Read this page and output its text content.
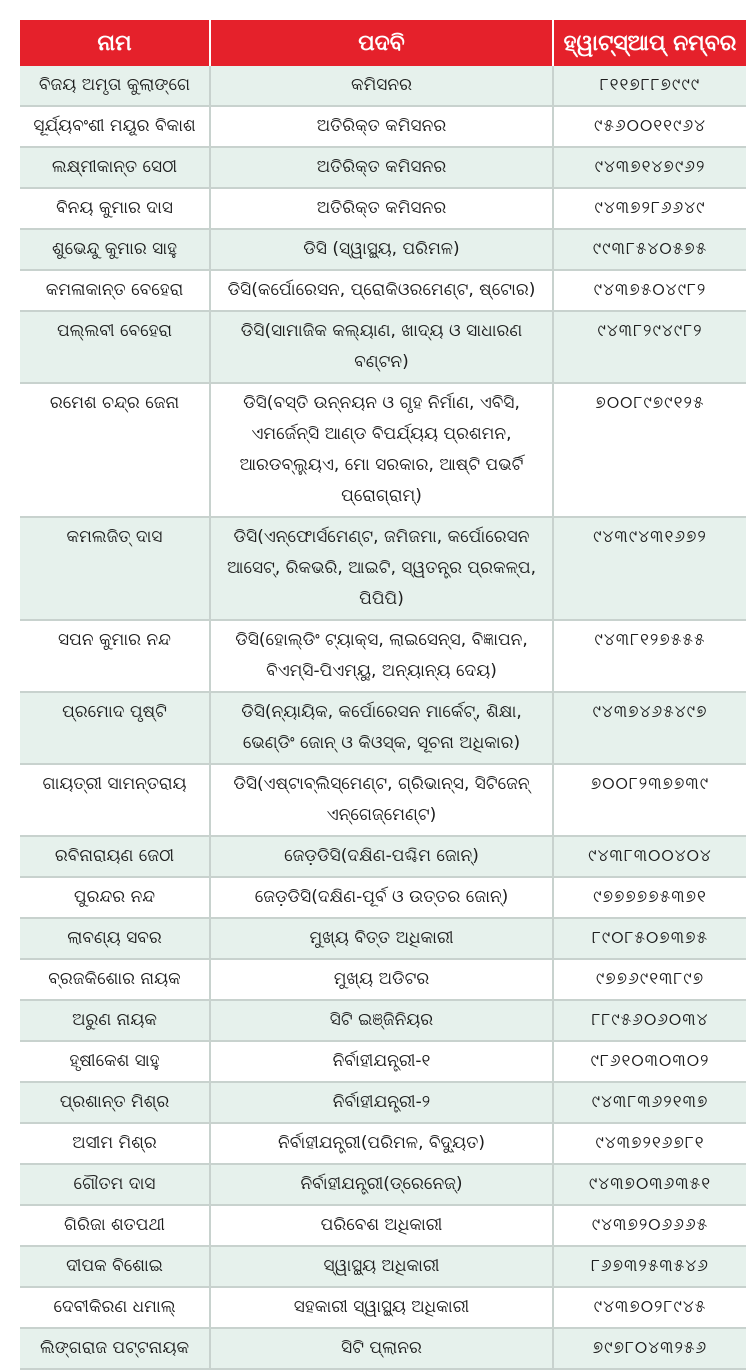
ନାମ	ପଦବି	ହ୍ୱାଟ୍‌ସ୍‌ଆପ୍ ନମ୍ବର
ବିଜୟ ଅମୃତା କୁଲାଙ୍ଗେ	କମିସନର	୮୧୧୭୮୮୭୯୯୯
ସୂର୍ଯ୍ୟବଂଶୀ ମୟୂର ବିକାଶ	ଅତିରିକ୍ତ କମିସନର	୯୫୬୦୦୧୧୯୬୪
ଲକ୍ଷ୍ମୀକାନ୍ତ ସେଠୀ	ଅତିରିକ୍ତ କମିସନର	୯୪୩୭୧୪୭୯୬୨
ବିନୟ କୁମାର ଦାସ	ଅତିରିକ୍ତ କମିସନର	୯୪୩୭୨୮୬୬୪୯
ଶୁଭେନ୍ଦୁ କୁମାର ସାହୁ	ଡିସି (ସ୍ୱାସ୍ଥ୍ୟ, ପରିମଳ)	୯୯୩୮୫୪୦୫୭୫
କମଳାକାନ୍ତ ବେହେରା	ଡିସି(କର୍ପୋରେସନ, ପ୍ରୋକିଓରମେଣ୍ଟ, ଷ୍ଟୋର)	୯୪୩୭୫୦୪୯୮୨
ପଲ୍ଲବୀ ବେହେରା	ଡିସି(ସାମାଜିକ କଲ୍ୟାଣ, ଖାଦ୍ୟ ଓ ସାଧାରଣ ବଣ୍ଟନ)	୯୪୩୮୨୯୪୯୮୨
ରମେଶ ଚନ୍ଦ୍ର ଜେନା	ଡିସି(ବସ୍ତି ଉନ୍ନୟନ ଓ ଗୃହ ନିର୍ମାଣ, ଏବିସି, ଏମର୍ଜେନ୍ସି ଆଣ୍ଡ ବିପର୍ଯ୍ୟୟ ପ୍ରଶମନ, ଆରଡବ୍ଲ୍ୟୁଏ, ମୋ ସରକାର, ଆଷ୍ଟି ପଭର୍ଟି ପ୍ରୋଗ୍ରାମ୍)	୭୦୦୮୯୭୯୧୨୫
କମଲଜିତ୍ ଦାସ	ଡିସି(ଏନ୍‌ଫୋର୍ସମେଣ୍ଟ, ଜମିଜମା, କର୍ପୋରେସନ ଆସେଟ୍, ରିକଭରି, ଆଇଟି, ସ୍ୱତନ୍ତ୍ର ପ୍ରକଳ୍ପ, ପିପିପି)	୯୪୩୯୪୩୧୬୭୨
ସପନ କୁମାର ନନ୍ଦ	ଡିସି(ହୋଲ୍ଡିଂ ଟ୍ୟାକ୍ସ, ଲାଇସେନ୍ସ, ବିଜ୍ଞାପନ, ବିଏମ୍‌ସି-ପିଏମ୍‌ୟୁ, ଅନ୍ୟାନ୍ୟ ଦେୟ)	୯୪୩୮୧୨୭୫୫୫
ପ୍ରମୋଦ ପୃଷ୍ଟି	ଡିସି(ନ୍ୟାୟିକ, କର୍ପୋରେସନ ମାର୍କେଟ୍, ଶିକ୍ଷା, ଭେଣ୍ଡିଂ ଜୋନ୍ ଓ କିଓସ୍କ, ସୂଚନା ଅଧିକାର)	୯୪୩୭୪୬୫୪୯୭
ଗାୟତ୍ରୀ ସାମନ୍ତରାୟ	ଡିସି(ଏଷ୍ଟାବ୍ଲିସ୍‌ମେଣ୍ଟ, ଗ୍ରିଭାନ୍ସ, ସିଟିଜେନ୍ ଏନ୍‌ଗେଜ୍‌ମେଣ୍ଟ)	୭୦୦୮୨୩୭୭୩୯
ରବିନାରାୟଣ ଜେଠୀ	ଜେଡ଼ଡିସି(ଦକ୍ଷିଣ-ପଶ୍ଚିମ ଜୋନ୍)	୯୪୩୮୩୦୦୪୦୪
ପୁରନ୍ଦର ନନ୍ଦ	ଜେଡ଼ଡିସି(ଦକ୍ଷିଣ-ପୂର୍ବ ଓ ଉତ୍ତର ଜୋନ୍)	୯୭୭୭୭୭୫୩୭୧
ଲାବଣ୍ୟ ସବର	ମୁଖ୍ୟ ବିତ୍ତ ଅଧିକାରୀ	୮୯୦୮୫୦୭୩୭୫
ବ୍ରଜକିଶୋର ନାୟକ	ମୁଖ୍ୟ ଅଡିଟର	୯୭୭୬୯୧୩୮୯୭
ଅରୁଣ ନାୟକ	ସିଟି ଇଞ୍ଜିନିୟର	୮୮୯୫୬୦୬୦୩୪
ହୃଷୀକେଶ ସାହୁ	ନିର୍ବାହୀଯନ୍ତ୍ରୀ-୧	୯୮୬୧୦୩୦୩୦୨
ପ୍ରଶାନ୍ତ ମିଶ୍ର	ନିର୍ବାହୀଯନ୍ତ୍ରୀ-୨	୯୪୩୮୩୬୨୧୩୭
ଅସୀମ ମିଶ୍ର	ନିର୍ବାହୀଯନ୍ତ୍ରୀ(ପରିମଳ, ବିଦ୍ୟୁତ)	୯୪୩୭୨୧୬୭୮୧
ଗୌତମ ଦାସ	ନିର୍ବାହୀଯନ୍ତ୍ରୀ(ଡ୍ରେନେଜ୍)	୯୪୩୭୦୩୬୩୫୧
ଗିରିଜା ଶତପଥୀ	ପରିବେଶ ଅଧିକାରୀ	୯୪୩୭୨୦୬୬୬୫
ଦୀପକ ବିଶୋଇ	ସ୍ୱାସ୍ଥ୍ୟ ଅଧିକାରୀ	୮୬୭୩୨୫୩୫୪୬
ଦେବୀକିରଣ ଧମାଲ୍	ସହକାରୀ ସ୍ୱାସ୍ଥ୍ୟ ଅଧିକାରୀ	୯୪୩୭୦୨୮୯୪୫
ଲିଙ୍ଗରାଜ ପଟ୍ଟନାୟକ	ସିଟି ପ୍ଲାନର	୭୯୭୮୦୪୩୨୫୬
